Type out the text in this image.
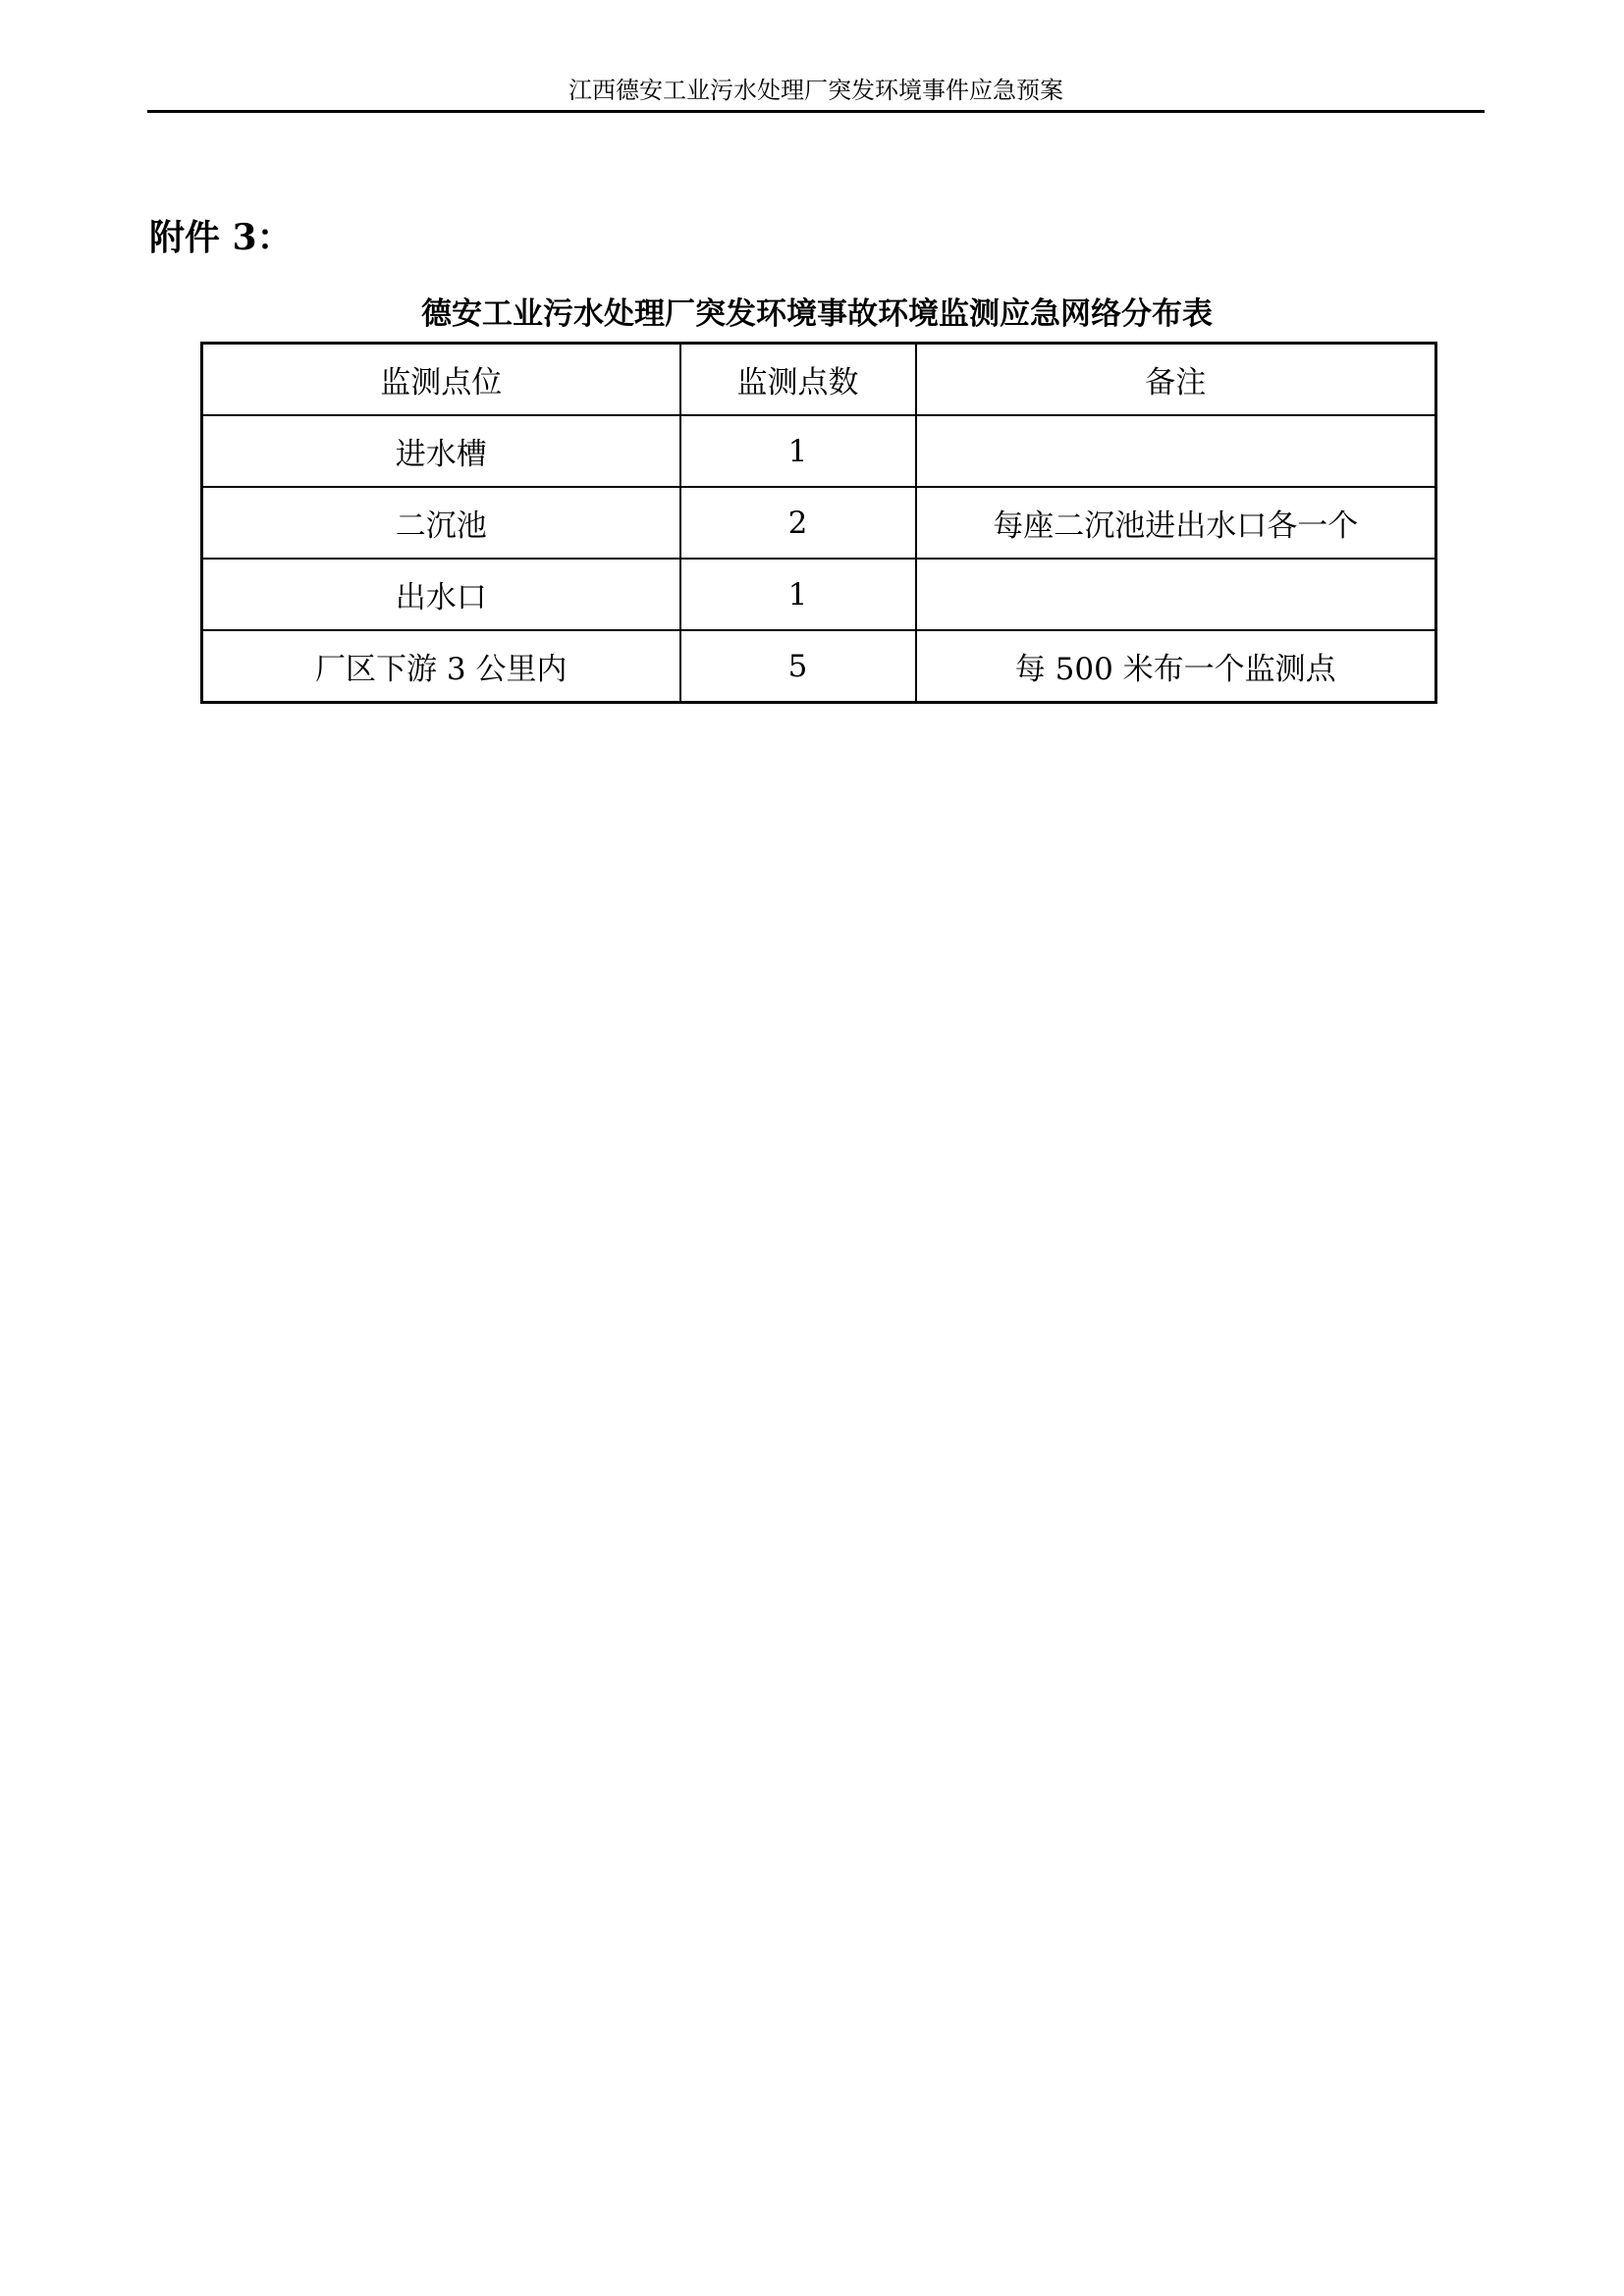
江西德安工业污水处理厂突发环境事件应急预案
附件 3：
德安工业污水处理厂突发环境事故环境监测应急网络分布表
监测点位	监测点数	备注
进水槽	1	
二沉池	2	每座二沉池进出水口各一个
出水口	1	
厂区下游 3 公里内	5	每 500 米布一个监测点
